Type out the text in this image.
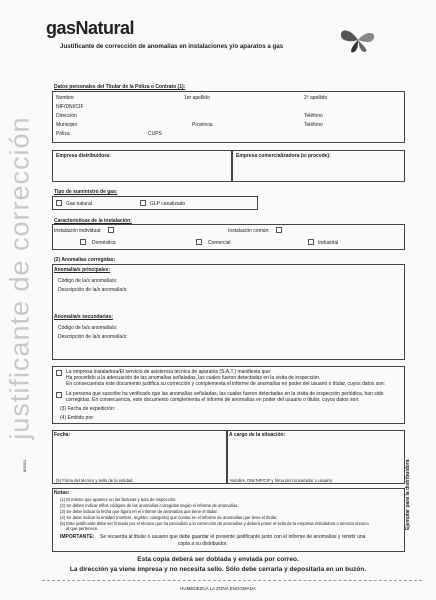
justificante de corrección
Ejemplar para la distribuidora
8/2001
gasNatural
Justificante de corrección de anomalías en instalaciones y/o aparatos a gas
Datos personales del Titular de la Póliza o Contrato (1):
Nombre	1er apellido	2º apellido
NIF/DNI/CIF
Dirección	Teléfono
Municipio	Provincia	Teléfono
Póliza	CUPS
Empresa distribuidora:	Empresa comercializadora (si procede):
Tipo de suministro de gas:
Gas natural	GLP canalizado
Características de la instalación:
Instalación individual:	Instalación común:
Doméstica	Comercial	Industrial
(2) Anomalías corregidas:
Anomalía/s principales:
Código de la/s anomalía/s:
Descripción de la/s anomalía/s:
Anomalía/s secundarias:
Código de la/s anomalía/s:
Descripción de la/s anomalía/s:
La empresa instaladora/El servicio de asistencia técnica de aparatos (S.A.T.) manifiesta que:
Ha procedido a la adecuación de las anomalías señaladas, las cuales fueron detectadas en la visita de inspección.
En consecuencia este documento justifica su corrección y complementa el informe de anomalías en poder del usuario o titular, cuyos datos son:
La persona que suscribe ha verificado que las anomalías señaladas, las cuales fueron detectadas en la visita de inspección periódica, han sido
corregidas. En consecuencia, este documento complementa el informe de anomalías en poder del usuario o titular, cuyos datos son:
(3) Fecha de expedición:
(4) Emitido por:
Fecha:
(5) Firma del técnico y sello de la entidad.
A cargo de la situación:
Nombre, DNI/NIF/CIF y firma del consumidor o usuario.
Notas:
(1) El mismo que aparece en las facturas y acta de inspección.
(2) Se deben indicar el/los código/s de las anomalías corregidas según el informe de anomalías.
(3) Se debe indicar la fecha que figura en el informe de anomalías que tiene el titular.
(4) Se debe indicar la entidad (nombre, registro, categoría) que consta en el informe de anomalías que tiene el titular.
(5) Este justificante debe ser firmado por el técnico que ha procedido a la corrección de anomalías y deberá poner el sello de la empresa instaladora o servicio técnico
al que pertenece.
IMPORTANTE: Se recuerda al titular o usuario que debe guardar el presente justificante junto con el informe de anomalías y remitir una
copia a su distribuidor.
Esta copia deberá ser doblada y enviada por correo.
La dirección ya viene impresa y no necesita sello. Sólo debe cerrarla y depositarla en un buzón.
HUMEDEZCA LA ZONA ENGOMADA
